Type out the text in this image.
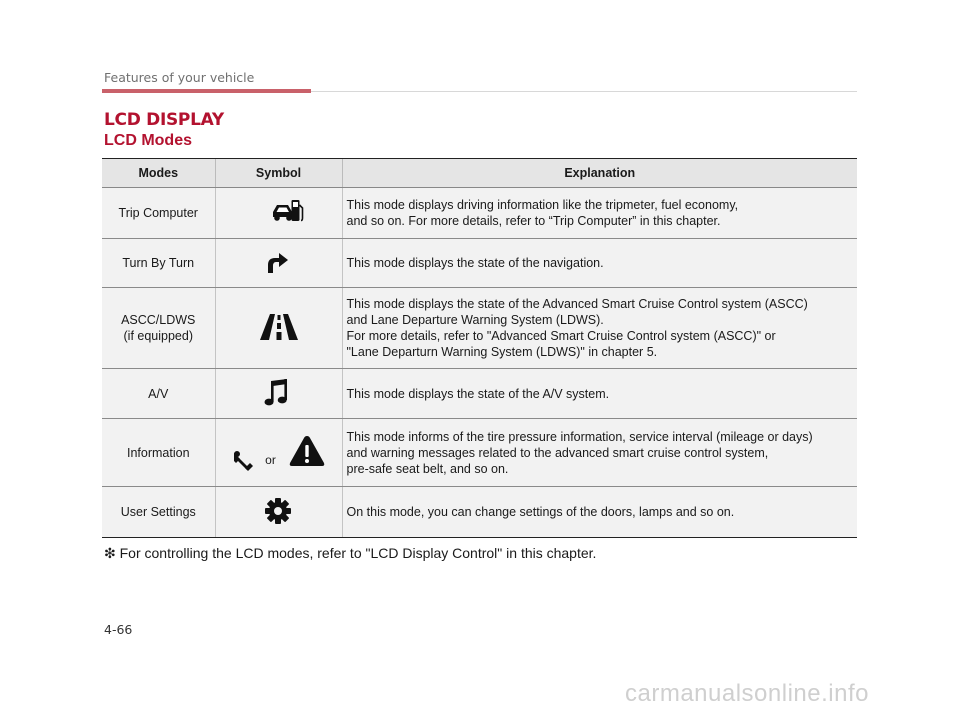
Features of your vehicle
LCD DISPLAY
LCD Modes
Modes	Symbol	Explanation

Trip Computer		This mode displays driving information like the tripmeter, fuel economy,
and so on. For more details, refer to “Trip Computer” in this chapter.

Turn By Turn		This mode displays the state of the navigation.

ASCC/LDWS
(if equipped)		This mode displays the state of the Advanced Smart Cruise Control system (ASCC)
and Lane Departure Warning System (LDWS).
For more details, refer to "Advanced Smart Cruise Control system (ASCC)" or
"Lane Departurn Warning System (LDWS)" in chapter 5.

A/V		This mode displays the state of the A/V system.

Information	or	This mode informs of the tire pressure information, service interval (mileage or days)
and warning messages related to the advanced smart cruise control system,
pre-safe seat belt, and so on.

User Settings		On this mode, you can change settings of the doors, lamps and so on.
❇ For controlling the LCD modes, refer to "LCD Display Control" in this chapter.
4-66
carmanualsonline.info
